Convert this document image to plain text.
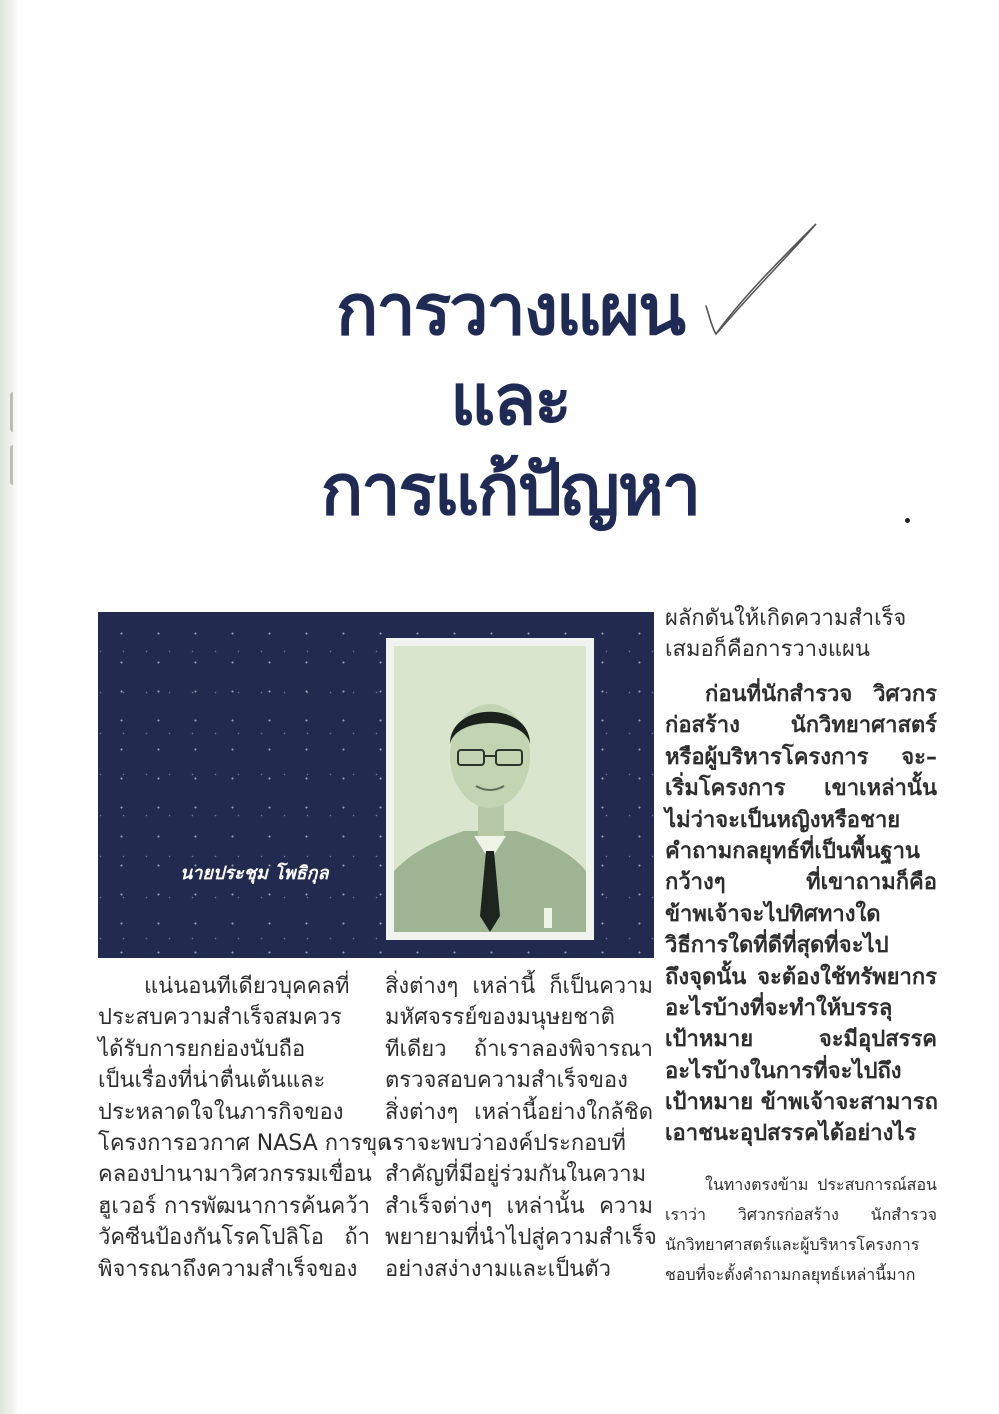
การวางแผน
และ
การแก้ปัญหา
นายประชุม โพธิกุล
แน่นอนทีเดียวบุคคลที่
ประสบความสำเร็จสมควร
ได้รับการยกย่องนับถือ
เป็นเรื่องที่น่าตื่นเต้นและ
ประหลาดใจในภารกิจของ
โครงการอวกาศ NASA การขุด
คลองปานามาวิศวกรรมเขื่อน
ฮูเวอร์ การพัฒนาการค้นคว้า
วัคซีนป้องกันโรคโปลิโอ ถ้า
พิจารณาถึงความสำเร็จของ
สิ่งต่างๆ เหล่านี้ ก็เป็นความ
มหัศจรรย์ของมนุษยชาติ
ทีเดียว ถ้าเราลองพิจารณา
ตรวจสอบความสำเร็จของ
สิ่งต่างๆ เหล่านี้อย่างใกล้ชิด
เราจะพบว่าองค์ประกอบที่
สำคัญที่มีอยู่ร่วมกันในความ
สำเร็จต่างๆ เหล่านั้น ความ
พยายามที่นำไปสู่ความสำเร็จ
อย่างสง่างามและเป็นตัว
ผลักดันให้เกิดความสำเร็จ
เสมอก็คือการวางแผน
ก่อนที่นักสำรวจ วิศวกร
ก่อสร้าง นักวิทยาศาสตร์
หรือผู้บริหารโครงการ จะ–
เริ่มโครงการ เขาเหล่านั้น
ไม่ว่าจะเป็นหญิงหรือชาย
คำถามกลยุทธ์ที่เป็นพื้นฐาน
กว้างๆ ที่เขาถามก็คือ
ข้าพเจ้าจะไปทิศทางใด
วิธีการใดที่ดีที่สุดที่จะไป
ถึงจุดนั้น จะต้องใช้ทรัพยากร
อะไรบ้างที่จะทำให้บรรลุ
เป้าหมาย จะมีอุปสรรค
อะไรบ้างในการที่จะไปถึง
เป้าหมาย ข้าพเจ้าจะสามารถ
เอาชนะอุปสรรคได้อย่างไร
ในทางตรงข้าม ประสบการณ์สอน
เราว่า วิศวกรก่อสร้าง นักสำรวจ
นักวิทยาศาสตร์และผู้บริหารโครงการ
ชอบที่จะตั้งคำถามกลยุทธ์เหล่านี้มาก
